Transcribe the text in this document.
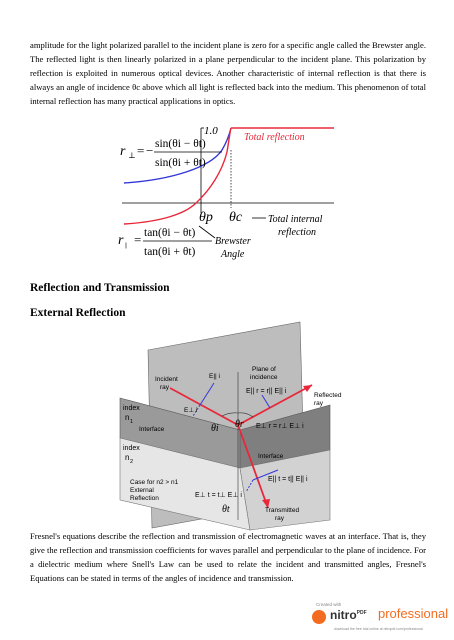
amplitude for the light polarized parallel to the incident plane is zero for a specific angle called the Brewster angle. The reflected light is then linearly polarized in a plane perpendicular to the incident plane. This polarization by reflection is exploited in numerous optical devices. Another characteristic of internal reflection is that there is always an angle of incidence θc above which all light is reflected back into the medium. This phenomenon of total internal reflection has many practical applications in optics.

r ⊥ = − sin(θi − θt)
sin(θi + θt)
r || = tan(θi − θt)
tan(θi + θt)
1.0
Total reflection
θp θc	Total internal
reflection
Brewster
Angle
Reflection and Transmission
External Reflection
Incident
ray
E|| i
Plane of
incidence
E|| r = r|| E|| i
Reflected
ray
E⊥ i
index
n 1
Interface	θi θr E⊥ r = r⊥ E⊥ i
Interface
index
n 2
E|| t = t|| E|| i
Case for n2 > n1
External
Reflection	E⊥ t = t⊥ E⊥ i
Transmitted
ray
θt

Fresnel's equations describe the reflection and transmission of electromagnetic waves at an interface. That is, they give the reflection and transmission coefficients for waves parallel and perpendicular to the plane of incidence. For a dielectric medium where Snell's Law can be used to relate the incident and transmitted angles, Fresnel's Equations can be stated in terms of the angles of incidence and transmission.

Created with
nitro$^{PDF}$ professional
download the free trial online at nitropdf.com/professional
